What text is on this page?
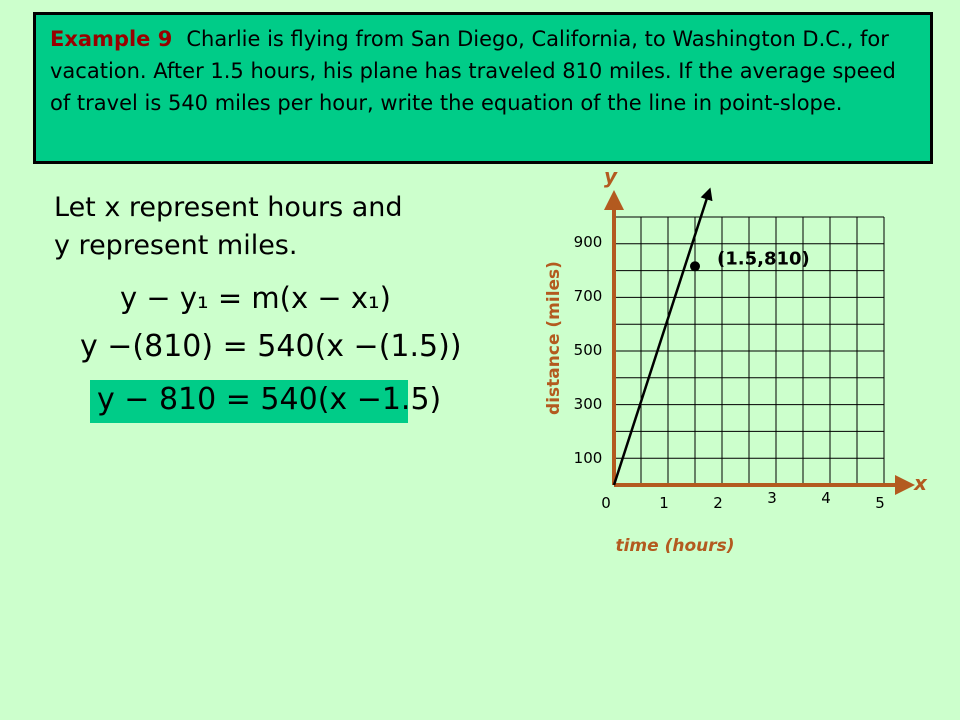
Example 9 Charlie is flying from San Diego, California, to Washington D.C., for vacation. After 1.5 hours, his plane has traveled 810 miles. If the average speed of travel is 540 miles per hour, write the equation of the line in point-slope.
Let x represent hours and
y represent miles.
y − y₁ = m(x − x₁)
y −(810) = 540(x −(1.5))
y − 810 = 540(x −1.5)
x
y
0	1	2	3	4	5
100
300
500
700
900
time (hours)
distance (miles)
(1.5,810)
